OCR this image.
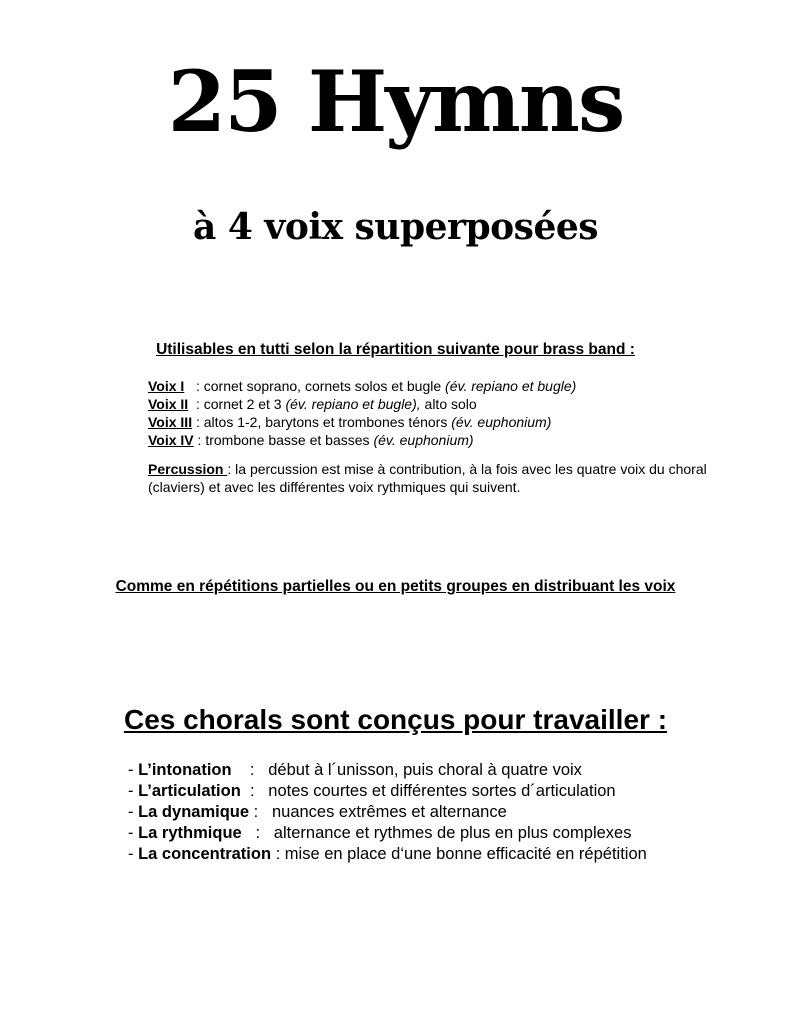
25 Hymns
à 4 voix superposées
Utilisables en tutti selon la répartition suivante pour brass band :
Voix I   : cornet soprano, cornets solos et bugle (év. repiano et bugle)
Voix II  : cornet 2 et 3 (év. repiano et bugle), alto solo
Voix III : altos 1-2, barytons et trombones ténors (év. euphonium)
Voix IV : trombone basse et basses (év. euphonium)
Percussion : la percussion est mise à contribution, à la fois avec les quatre voix du choral (claviers) et avec les différentes voix rythmiques qui suivent.
Comme en répétitions partielles ou en petits groupes en distribuant les voix
Ces chorals sont conçus pour travailler :
- L’intonation    :   début à l´unisson, puis choral à quatre voix
- L’articulation  :   notes courtes et différentes sortes d´articulation
- La dynamique :   nuances extrêmes et alternance
- La rythmique   :   alternance et rythmes de plus en plus complexes
- La concentration : mise en place d‘une bonne efficacité en répétition
